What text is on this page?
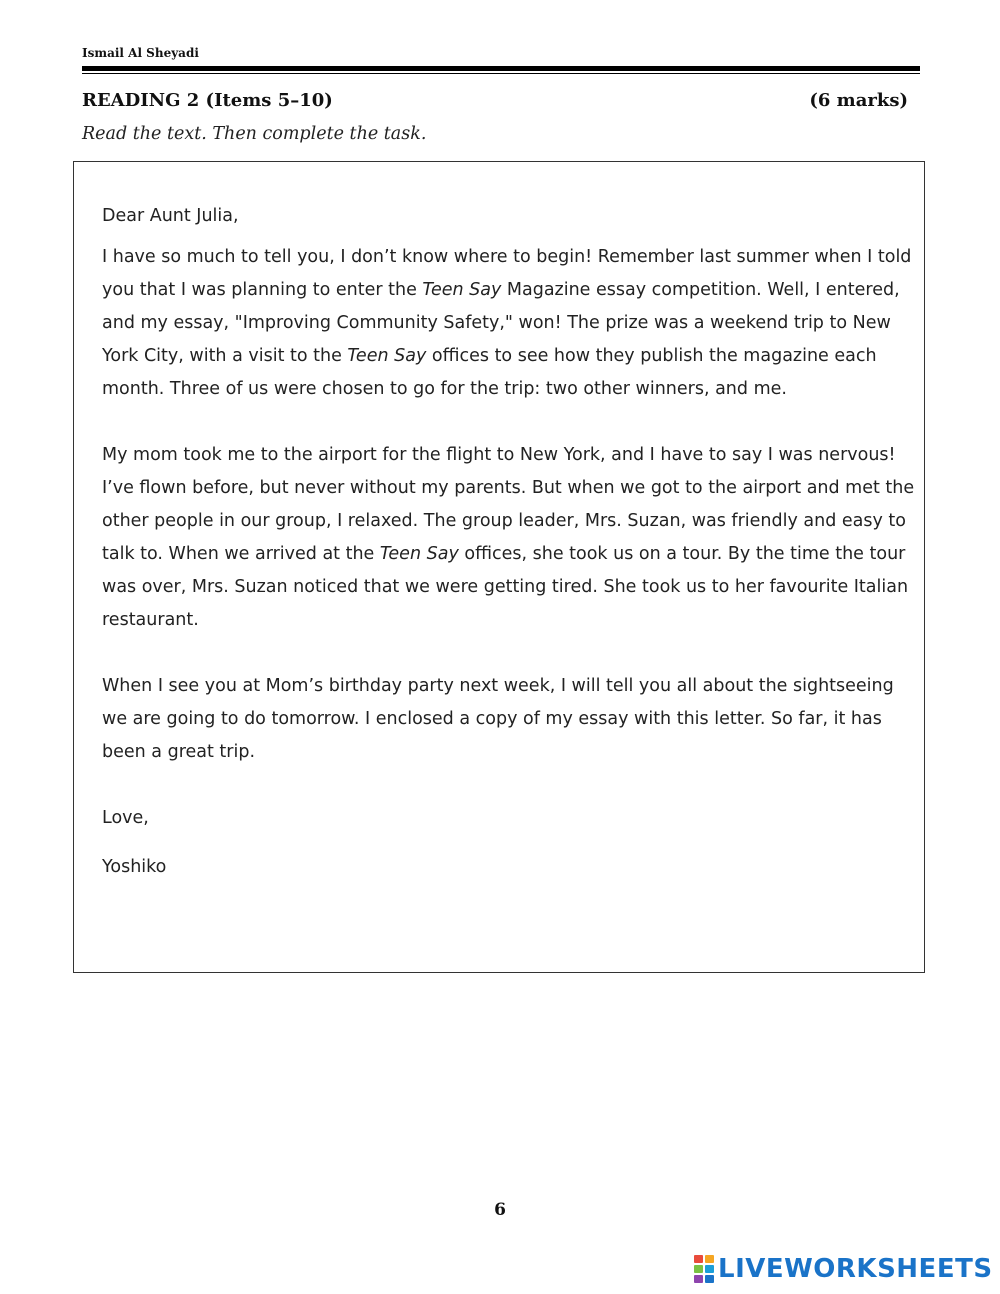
Ismail Al Sheyadi
READING 2 (Items 5–10)	(6 marks)
Read the text. Then complete the task.

Dear Aunt Julia,

I have so much to tell you, I don’t know where to begin! Remember last summer when I told you that I was planning to enter the Teen Say Magazine essay competition. Well, I entered, and my essay, "Improving Community Safety," won! The prize was a weekend trip to New York City, with a visit to the Teen Say offices to see how they publish the magazine each month. Three of us were chosen to go for the trip: two other winners, and me.

My mom took me to the airport for the flight to New York, and I have to say I was nervous! I’ve flown before, but never without my parents. But when we got to the airport and met the other people in our group, I relaxed. The group leader, Mrs. Suzan, was friendly and easy to talk to. When we arrived at the Teen Say offices, she took us on a tour. By the time the tour was over, Mrs. Suzan noticed that we were getting tired. She took us to her favourite Italian restaurant.

When I see you at Mom’s birthday party next week, I will tell you all about the sightseeing we are going to do tomorrow. I enclosed a copy of my essay with this letter. So far, it has been a great trip.

Love,

Yoshiko

6
LIVEWORKSHEETS
